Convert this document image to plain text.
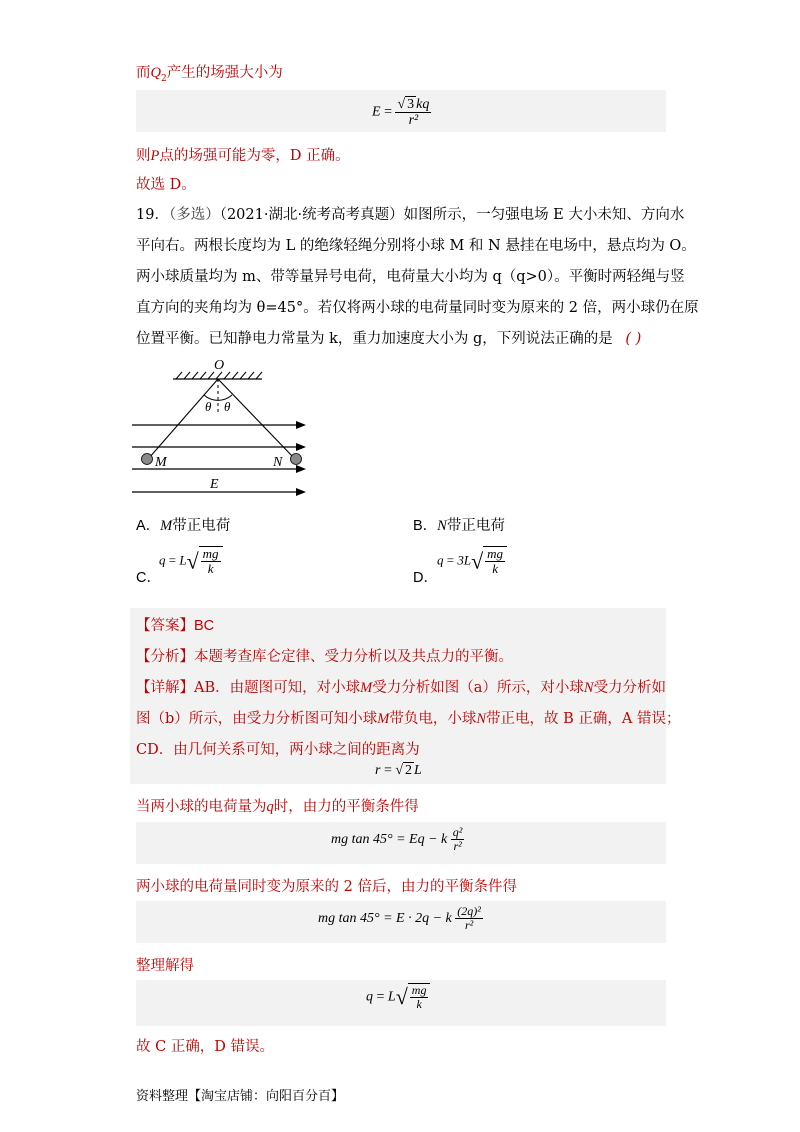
而$Q_2$产生的场强大小为
$E = \frac{√ 3 kq}{\text{r²}}$
则P点的场强可能为零，D 正确。
故选 D。
19．（多选）（2021·湖北·统考高考真题）如图所示，一匀强电场 E 大小未知、方向水
平向右。两根长度均为 L 的绝缘轻绳分别将小球 M 和 N 悬挂在电场中，悬点均为 O。
两小球质量均为 m、带等量异号电荷，电荷量大小均为 q（q>0）。平衡时两轻绳与竖
直方向的夹角均为 θ=45°。若仅将两小球的电荷量同时变为原来的 2 倍，两小球仍在原
位置平衡。已知静电力常量为 k，重力加速度大小为 g，下列说法正确的是 ( )
O
θ θ
M	N
E
A．M带正电荷	B．N带正电荷
C．
$q = L√ \frac{mg}{k}$
D．
$q = 3L√ \frac{mg}{k}$
【答案】BC
【分析】本题考查库仑定律、受力分析以及共点力的平衡。
【详解】AB．由题图可知，对小球M受力分析如图（a）所示，对小球N受力分析如
图（b）所示，由受力分析图可知小球M带负电，小球N带正电，故 B 正确，A 错误；
CD．由几何关系可知，两小球之间的距离为
r = √ 2 L
当两小球的电荷量为q时，由力的平衡条件得
mg tan 45° = Eq − k $\frac{\text{q²}}{\text{r²}}$
两小球的电荷量同时变为原来的 2 倍后，由力的平衡条件得
mg tan 45° = E · 2q − k $\frac{\text{(2q)²}}{\text{r²}}$
整理解得
$q = L√ \frac{mg}{k}$
故 C 正确，D 错误。
资料整理【淘宝店铺：向阳百分百】
